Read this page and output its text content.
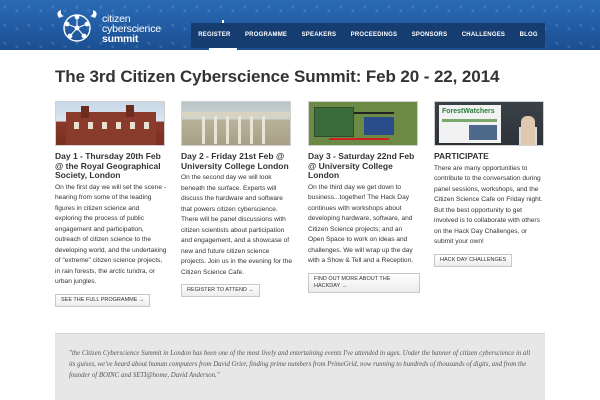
citizen
cyberscience
summit	REGISTER	PROGRAMME	SPEAKERS	PROCEEDINGS	SPONSORS	CHALLENGES	BLOG
The 3rd Citizen Cyberscience Summit: Feb 20 - 22, 2014
Day 1 - Thursday 20th Feb @ the Royal Geographical Society, London
On the first day we will set the scene - hearing from some of the leading figures in citizen science and exploring the process of public engagement and participation, outreach of citizen science to the developing world, and the undertaking of "extreme" citizen science projects, in rain forests, the arctic tundra, or urban jungles.
SEE THE FULL PROGRAMME →
Day 2 - Friday 21st Feb @ University College London
On the second day we will look beneath the surface. Experts will discuss the hardware and software that powers citizen cyberscience. There will be panel discussions with citizen scientists about participation and engagement, and a showcase of new and future citizen science projects. Join us in the evening for the Citizen Science Cafe.
REGISTER TO ATTEND →
Day 3 - Saturday 22nd Feb @ University College London
On the third day we get down to business...together! The Hack Day continues with workshops about developing hardware, software, and Citizen Science projects; and an Open Space to work on ideas and challenges. We will wrap up the day with a Show & Tell and a Reception.
FIND OUT MORE ABOUT THE HACKDAY →
ForestWatchers
PARTICIPATE
There are many opportunities to contribute to the conversation during panel sessions, workshops, and the Citizen Science Cafe on Friday night. But the best opportunity to get involved is to collaborate with others on the Hack Day Challenges, or submit your own!
HACK DAY CHALLENGES
"the Citizen Cyberscience Summit in London has been one of the most lively and entertaining events I've attended in ages. Under the banner of citizen cyberscience in all its guises, we've heard about human computers from David Grier, finding prime numbers from PrimeGrid, now running to hundreds of thousands of digits, and from the founder of BOINC and SETI@home, David Anderson."
